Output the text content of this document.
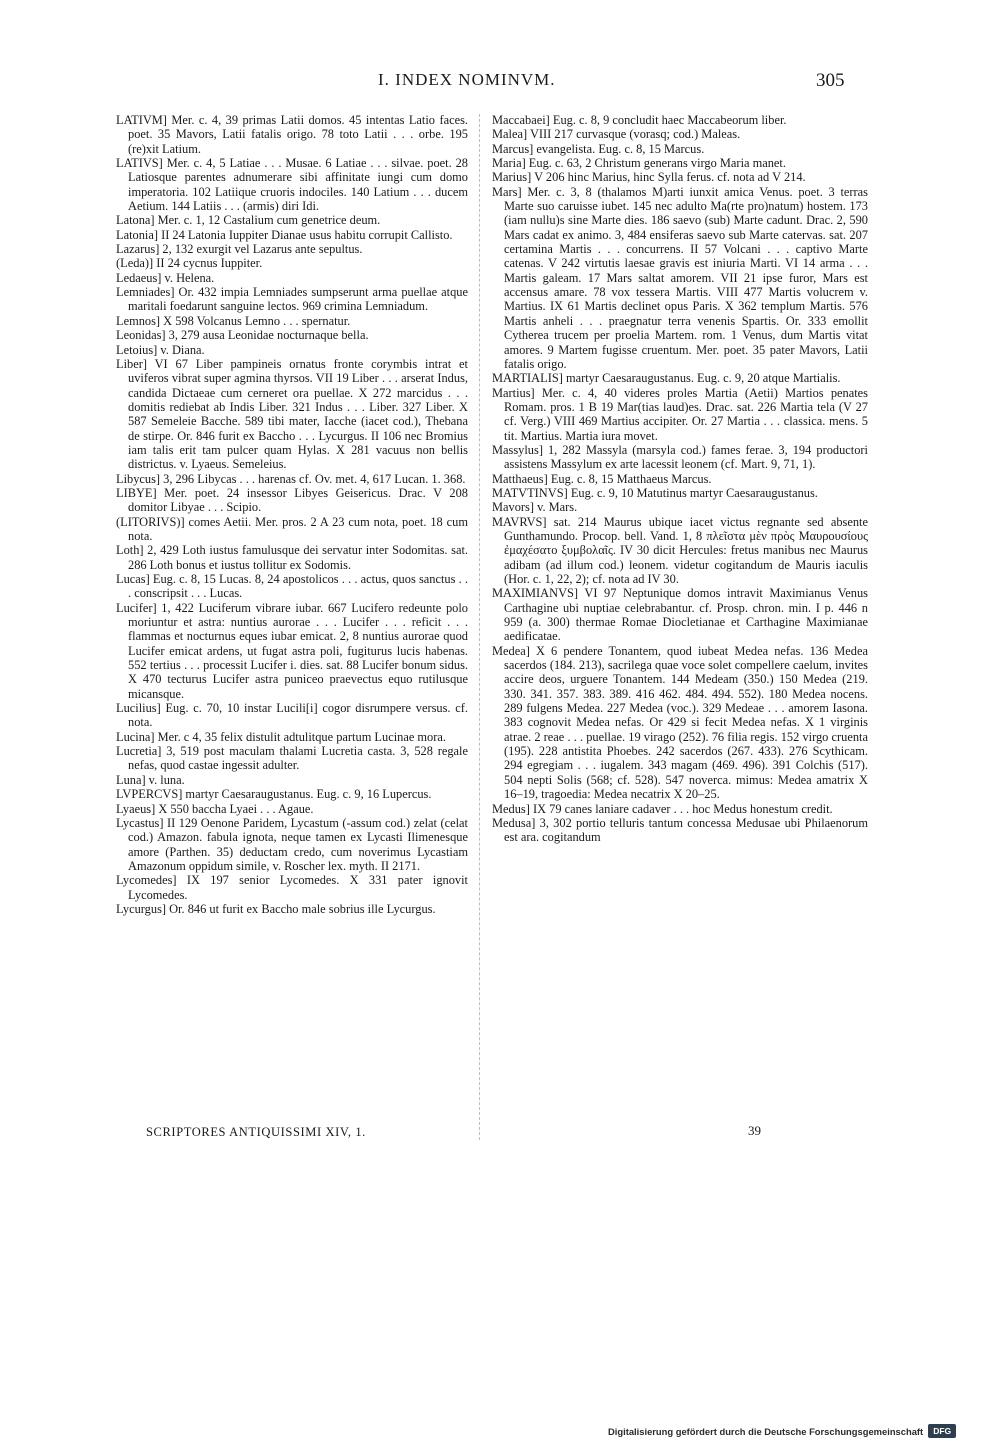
I. INDEX NOMINVM.	305

LATIVM] Mer. c. 4, 39 primas Latii domos. 45 intentas Latio faces. poet. 35 Mavors, Latii fatalis origo. 78 toto Latii . . . orbe. 195 (re)xit Latium.

LATIVS] Mer. c. 4, 5 Latiae . . . Musae. 6 Latiae . . . silvae. poet. 28 Latiosque parentes adnumerare sibi affinitate iungi cum domo imperatoria. 102 Latiique cruoris indociles. 140 Latium . . . ducem Aetium. 144 Latiis . . . (armis) diri Idi.

Latona] Mer. c. 1, 12 Castalium cum genetrice deum.

Latonia] II 24 Latonia Iuppiter Dianae usus habitu corrupit Callisto.

Lazarus] 2, 132 exurgit vel Lazarus ante sepultus.

(Leda)] II 24 cycnus Iuppiter.

Ledaeus] v. Helena.

Lemniades] Or. 432 impia Lemniades sumpserunt arma puellae atque maritali foedarunt sanguine lectos. 969 crimina Lemniadum.

Lemnos] X 598 Volcanus Lemno . . . spernatur.

Leonidas] 3, 279 ausa Leonidae nocturnaque bella.

Letoius] v. Diana.

Liber] VI 67 Liber pampineis ornatus fronte corymbis intrat et uviferos vibrat super agmina thyrsos. VII 19 Liber . . . arserat Indus, candida Dictaeae cum cerneret ora puellae. X 272 marcidus . . . domitis rediebat ab Indis Liber. 321 Indus . . . Liber. 327 Liber. X 587 Semeleie Bacche. 589 tibi mater, Iacche (iacet cod.), Thebana de stirpe. Or. 846 furit ex Baccho . . . Lycurgus. II 106 nec Bromius iam talis erit tam pulcer quam Hylas. X 281 vacuus non bellis districtus. v. Lyaeus. Semeleius.

Libycus] 3, 296 Libycas . . . harenas cf. Ov. met. 4, 617 Lucan. 1. 368.

LIBYE] Mer. poet. 24 insessor Libyes Geisericus. Drac. V 208 domitor Libyae . . . Scipio.

(LITORIVS)] comes Aetii. Mer. pros. 2 A 23 cum nota, poet. 18 cum nota.

Loth] 2, 429 Loth iustus famulusque dei servatur inter Sodomitas. sat. 286 Loth bonus et iustus tollitur ex Sodomis.

Lucas] Eug. c. 8, 15 Lucas. 8, 24 apostolicos . . . actus, quos sanctus . . . conscripsit . . . Lucas.

Lucifer] 1, 422 Luciferum vibrare iubar. 667 Lucifero redeunte polo moriuntur et astra: nuntius aurorae . . . Lucifer . . . reficit . . . flammas et nocturnus eques iubar emicat. 2, 8 nuntius aurorae quod Lucifer emicat ardens, ut fugat astra poli, fugiturus lucis habenas. 552 tertius . . . processit Lucifer i. dies. sat. 88 Lucifer bonum sidus. X 470 tecturus Lucifer astra puniceo praevectus equo rutilusque micansque.

Lucilius] Eug. c. 70, 10 instar Lucili[i] cogor disrumpere versus. cf. nota.

Lucina] Mer. c 4, 35 felix distulit adtulitque partum Lucinae mora.

Lucretia] 3, 519 post maculam thalami Lucretia casta. 3, 528 regale nefas, quod castae ingessit adulter.

Luna] v. luna.

LVPERCVS] martyr Caesaraugustanus. Eug. c. 9, 16 Lupercus.

Lyaeus] X 550 baccha Lyaei . . . Agaue.

Lycastus] II 129 Oenone Paridem, Lycastum (-assum cod.) zelat (celat cod.) Amazon. fabula ignota, neque tamen ex Lycasti Ilimenesque amore (Parthen. 35) deductam credo, cum noverimus Lycastiam Amazonum oppidum simile, v. Roscher lex. myth. II 2171.

Lycomedes] IX 197 senior Lycomedes. X 331 pater ignovit Lycomedes.

Lycurgus] Or. 846 ut furit ex Baccho male sobrius ille Lycurgus.

Maccabaei] Eug. c. 8, 9 concludit haec Maccabeorum liber.

Malea] VIII 217 curvasque (vorasq; cod.) Maleas.

Marcus] evangelista. Eug. c. 8, 15 Marcus.

Maria] Eug. c. 63, 2 Christum generans virgo Maria manet.

Marius] V 206 hinc Marius, hinc Sylla ferus. cf. nota ad V 214.

Mars] Mer. c. 3, 8 (thalamos M)arti iunxit amica Venus. poet. 3 terras Marte suo caruisse iubet. 145 nec adulto Ma(rte pro)natum) hostem. 173 (iam nullu)s sine Marte dies. 186 saevo (sub) Marte cadunt. Drac. 2, 590 Mars cadat ex animo. 3, 484 ensiferas saevo sub Marte catervas. sat. 207 certamina Martis . . . concurrens. II 57 Volcani . . . captivo Marte catenas. V 242 virtutis laesae gravis est iniuria Marti. VI 14 arma . . . Martis galeam. 17 Mars saltat amorem. VII 21 ipse furor, Mars est accensus amare. 78 vox tessera Martis. VIII 477 Martis volucrem v. Martius. IX 61 Martis declinet opus Paris. X 362 templum Martis. 576 Martis anheli . . . praegnatur terra venenis Spartis. Or. 333 emollit Cytherea trucem per proelia Martem. rom. 1 Venus, dum Martis vitat amores. 9 Martem fugisse cruentum. Mer. poet. 35 pater Mavors, Latii fatalis origo.

MARTIALIS] martyr Caesaraugustanus. Eug. c. 9, 20 atque Martialis.

Martius] Mer. c. 4, 40 videres proles Martia (Aetii) Martios penates Romam. pros. 1 B 19 Mar(tias laud)es. Drac. sat. 226 Martia tela (V 27 cf. Verg.) VIII 469 Martius accipiter. Or. 27 Martia . . . classica. mens. 5 tit. Martius. Martia iura movet.

Massylus] 1, 282 Massyla (marsyla cod.) fames ferae. 3, 194 productori assistens Massylum ex arte lacessit leonem (cf. Mart. 9, 71, 1).

Matthaeus] Eug. c. 8, 15 Matthaeus Marcus.

MATVTINVS] Eug. c. 9, 10 Matutinus martyr Caesaraugustanus.

Mavors] v. Mars.

MAVRVS] sat. 214 Maurus ubique iacet victus regnante sed absente Gunthamundo. Procop. bell. Vand. 1, 8 πλεῖστα μὲν πρὸς Μαυρουσίους ἐμαχέσατο ξυμβολαῖς. IV 30 dicit Hercules: fretus manibus nec Maurus adibam (ad illum cod.) leonem. videtur cogitandum de Mauris iaculis (Hor. c. 1, 22, 2); cf. nota ad IV 30.

MAXIMIANVS] VI 97 Neptunique domos intravit Maximianus Venus Carthagine ubi nuptiae celebrabantur. cf. Prosp. chron. min. I p. 446 n 959 (a. 300) thermae Romae Diocletianae et Carthagine Maximianae aedificatae.

Medea] X 6 pendere Tonantem, quod iubeat Medea nefas. 136 Medea sacerdos (184. 213), sacrilega quae voce solet compellere caelum, invites accire deos, urguere Tonantem. 144 Medeam (350.) 150 Medea (219. 330. 341. 357. 383. 389. 416 462. 484. 494. 552). 180 Medea nocens. 289 fulgens Medea. 227 Medea (voc.). 329 Medeae . . . amorem Iasona. 383 cognovit Medea nefas. Or 429 si fecit Medea nefas. X 1 virginis atrae. 2 reae . . . puellae. 19 virago (252). 76 filia regis. 152 virgo cruenta (195). 228 antistita Phoebes. 242 sacerdos (267. 433). 276 Scythicam. 294 egregiam . . . iugalem. 343 magam (469. 496). 391 Colchis (517). 504 nepti Solis (568; cf. 528). 547 noverca. mimus: Medea amatrix X 16–19, tragoedia: Medea necatrix X 20–25.

Medus] IX 79 canes laniare cadaver . . . hoc Medus honestum credit.

Medusa] 3, 302 portio telluris tantum concessa Medusae ubi Philaenorum est ara. cogitandum

SCRIPTORES ANTIQUISSIMI XIV, 1.	39
Digitalisierung gefördert durch die Deutsche Forschungsgemeinschaft DFG
